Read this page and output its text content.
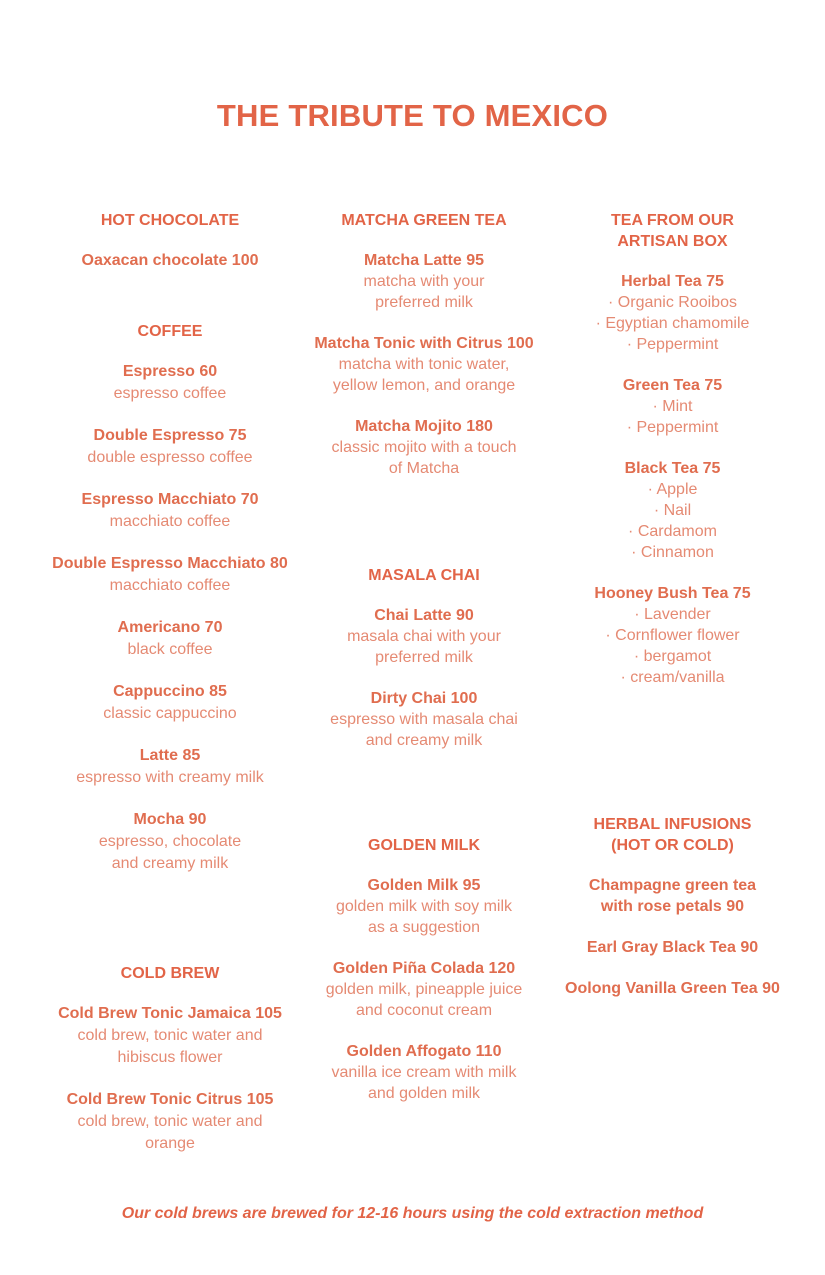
THE TRIBUTE TO MEXICO
HOT CHOCOLATE
Oaxacan chocolate 100
COFFEE
Espresso 60
espresso coffee
Double Espresso 75
double espresso coffee
Espresso Macchiato 70
macchiato coffee
Double Espresso Macchiato 80
macchiato coffee
Americano 70
black coffee
Cappuccino 85
classic cappuccino
Latte 85
espresso with creamy milk
Mocha 90
espresso, chocolate
and creamy milk
COLD BREW
Cold Brew Tonic Jamaica 105
cold brew, tonic water and
hibiscus flower
Cold Brew Tonic Citrus 105
cold brew, tonic water and
orange
MATCHA GREEN TEA
Matcha Latte 95
matcha with your
preferred milk
Matcha Tonic with Citrus 100
matcha with tonic water,
yellow lemon, and orange
Matcha Mojito 180
classic mojito with a touch
of Matcha
MASALA CHAI
Chai Latte 90
masala chai with your
preferred milk
Dirty Chai 100
espresso with masala chai
and creamy milk
GOLDEN MILK
Golden Milk 95
golden milk with soy milk
as a suggestion
Golden Piña Colada 120
golden milk, pineapple juice
and coconut cream
Golden Affogato 110
vanilla ice cream with milk
and golden milk
TEA FROM OUR
ARTISAN BOX
Herbal Tea 75
· Organic Rooibos
· Egyptian chamomile
· Peppermint
Green Tea 75
· Mint
· Peppermint
Black Tea 75
· Apple
· Nail
· Cardamom
· Cinnamon
Hooney Bush Tea 75
· Lavender
· Cornflower flower
· bergamot
· cream/vanilla
HERBAL INFUSIONS
(HOT OR COLD)
Champagne green tea
with rose petals 90
Earl Gray Black Tea 90
Oolong Vanilla Green Tea 90
Our cold brews are brewed for 12-16 hours using the cold extraction method
